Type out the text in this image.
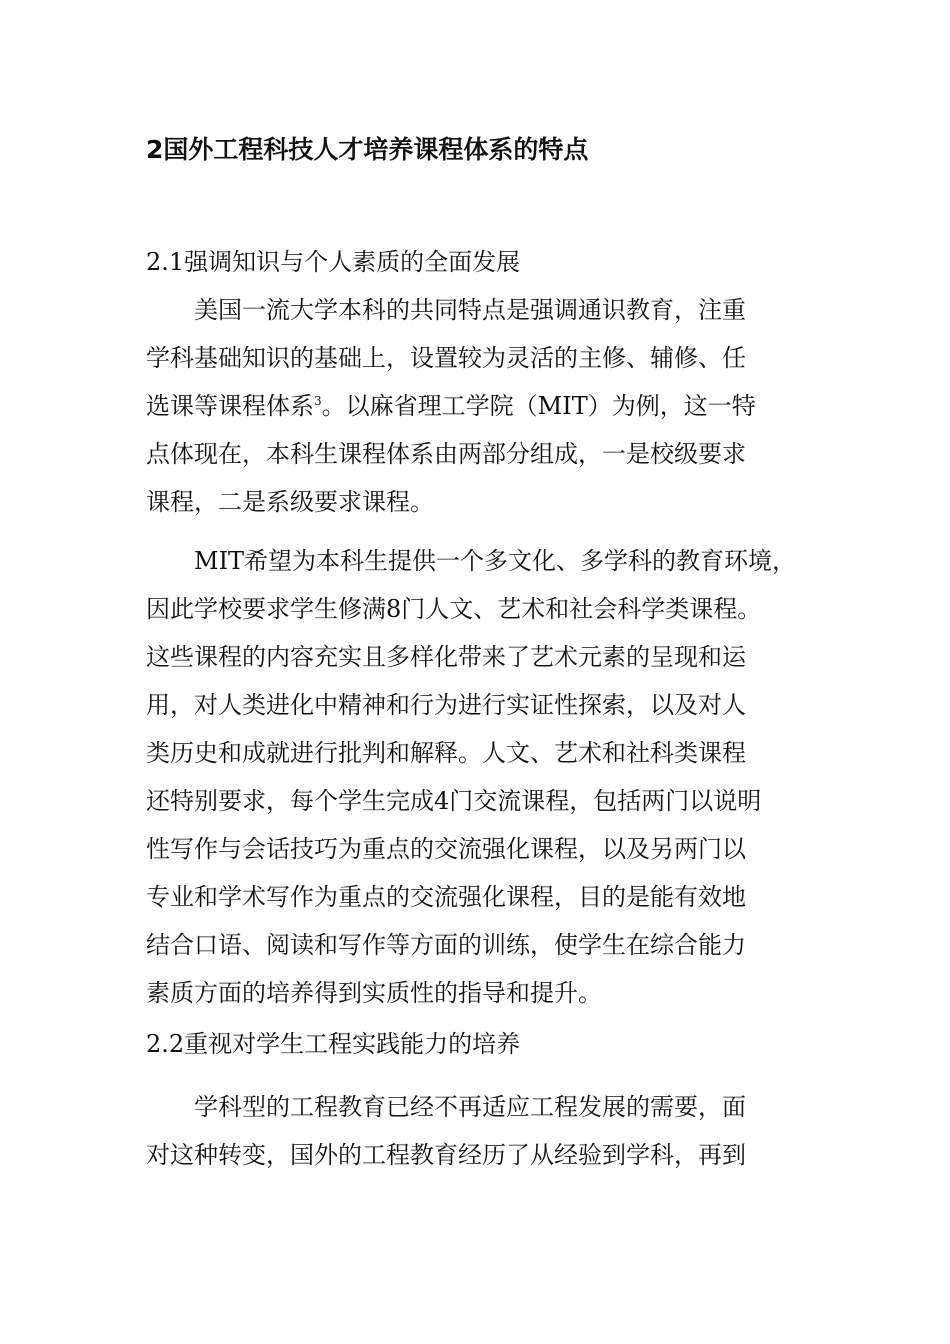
2国外工程科技人才培养课程体系的特点
2.1强调知识与个人素质的全面发展
美国一流大学本科的共同特点是强调通识教育，注重
学科基础知识的基础上，设置较为灵活的主修、辅修、任
选课等课程体系$^3$。以麻省理工学院（MIT）为例，这一特
点体现在，本科生课程体系由两部分组成，一是校级要求
课程，二是系级要求课程。
MIT希望为本科生提供一个多文化、多学科的教育环境，
因此学校要求学生修满8门人文、艺术和社会科学类课程。
这些课程的内容充实且多样化带来了艺术元素的呈现和运
用，对人类进化中精神和行为进行实证性探索，以及对人
类历史和成就进行批判和解释。人文、艺术和社科类课程
还特别要求，每个学生完成4门交流课程，包括两门以说明
性写作与会话技巧为重点的交流强化课程，以及另两门以
专业和学术写作为重点的交流强化课程，目的是能有效地
结合口语、阅读和写作等方面的训练，使学生在综合能力
素质方面的培养得到实质性的指导和提升。
2.2重视对学生工程实践能力的培养
学科型的工程教育已经不再适应工程发展的需要，面
对这种转变，国外的工程教育经历了从经验到学科，再到
